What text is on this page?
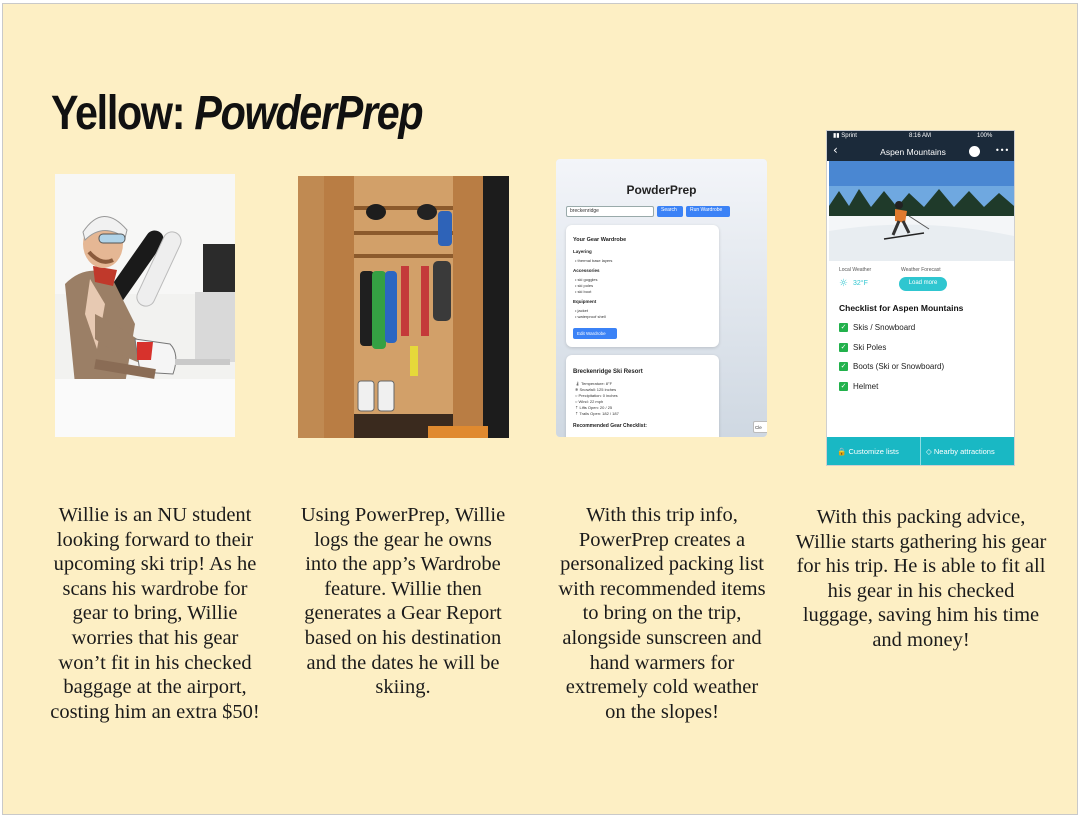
Yellow: PowderPrep
PowderPrep
breckenridge	Search	Run Wardrobe
Your Gear Wardrobe
Layering
• thermal base layers
Accessories
• ski goggles
• ski poles
• ski boot
Equipment
• jacket
• waterproof shell
Edit Wardrobe
Breckenridge Ski Resort
🌡 Temperature: 8°F
❄ Snowfall: 125 inches
○ Precipitation: 0 inches
○ Wind: 22 mph
⇡ Lifts Open: 20 / 25
⇡ Trails Open: 182 / 187
Recommended Gear Checklist:	Cle
▮▮ Sprint	8:16 AM	100%
‹	Aspen Mountains	•••
Local Weather	Weather Forecast
☼ 32°F	Load more
Checklist for Aspen Mountains
✓ Skis / Snowboard
✓ Ski Poles
✓ Boots (Ski or Snowboard)
✓ Helmet
🔒 Customize lists	◇ Nearby attractions
Willie is an NU student looking forward to their upcoming ski trip! As he scans his wardrobe for gear to bring, Willie worries that his gear won’t fit in his checked baggage at the airport, costing him an extra $50!
Using PowerPrep, Willie logs the gear he owns into the app’s Wardrobe feature. Willie then generates a Gear Report based on his destination and the dates he will be skiing.
With this trip info, PowerPrep creates a personalized packing list with recommended items to bring on the trip, alongside sunscreen and hand warmers for extremely cold weather on the slopes!
With this packing advice, Willie starts gathering his gear for his trip. He is able to fit all his gear in his checked luggage, saving him his time and money!
